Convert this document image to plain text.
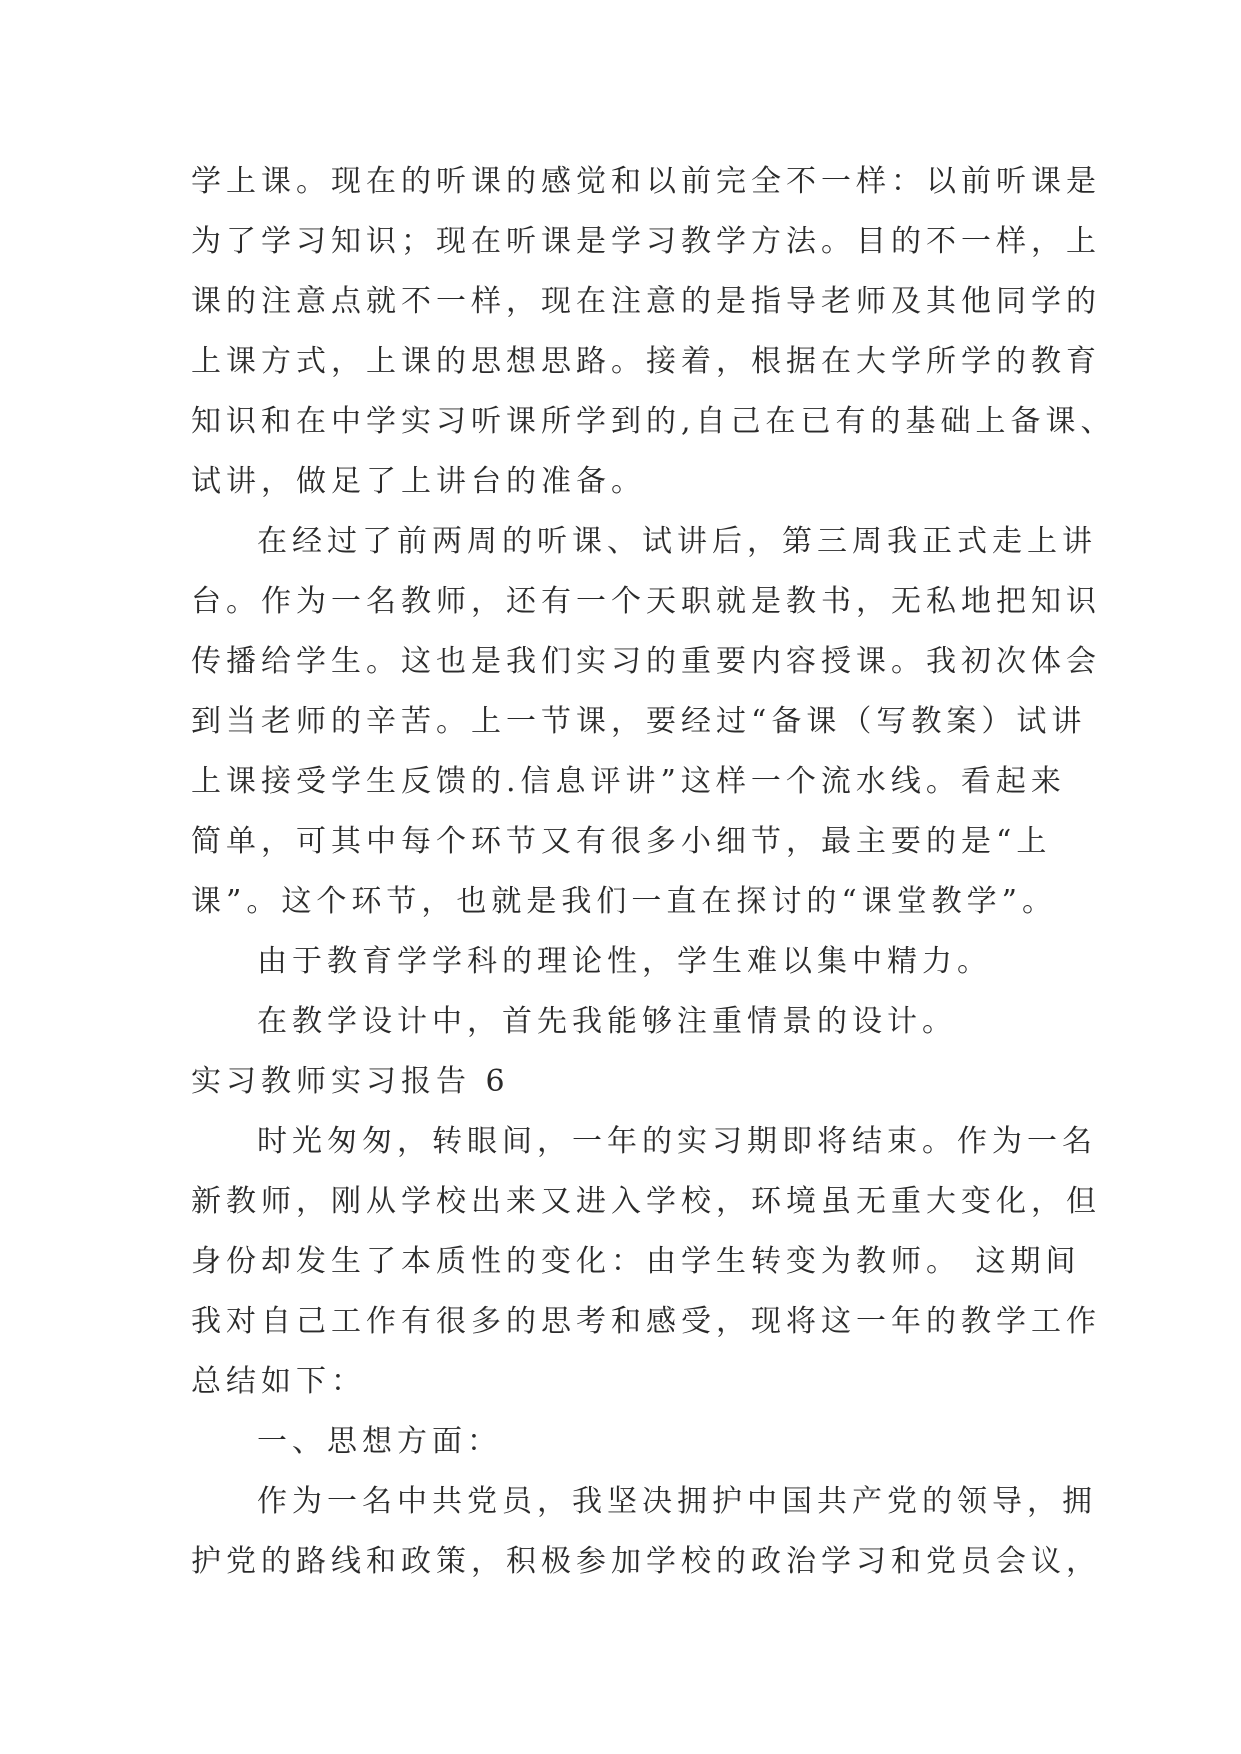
学上课。现在的听课的感觉和以前完全不一样：以前听课是
为了学习知识；现在听课是学习教学方法。目的不一样，上
课的注意点就不一样，现在注意的是指导老师及其他同学的
上课方式，上课的思想思路。接着，根据在大学所学的教育
知识和在中学实习听课所学到的,自己在已有的基础上备课、
试讲，做足了上讲台的准备。
在经过了前两周的听课、试讲后，第三周我正式走上讲
台。作为一名教师，还有一个天职就是教书，无私地把知识
传播给学生。这也是我们实习的重要内容授课。我初次体会
到当老师的辛苦。上一节课，要经过“备课（写教案）试讲
上课接受学生反馈的.信息评讲”这样一个流水线。看起来
简单，可其中每个环节又有很多小细节，最主要的是“上
课”。这个环节，也就是我们一直在探讨的“课堂教学”。
由于教育学学科的理论性，学生难以集中精力。
在教学设计中，首先我能够注重情景的设计。
实习教师实习报告 6
时光匆匆，转眼间，一年的实习期即将结束。作为一名
新教师，刚从学校出来又进入学校，环境虽无重大变化，但
身份却发生了本质性的变化：由学生转变为教师。 这期间
我对自己工作有很多的思考和感受，现将这一年的教学工作
总结如下：
一、思想方面：
作为一名中共党员，我坚决拥护中国共产党的领导，拥
护党的路线和政策，积极参加学校的政治学习和党员会议，
